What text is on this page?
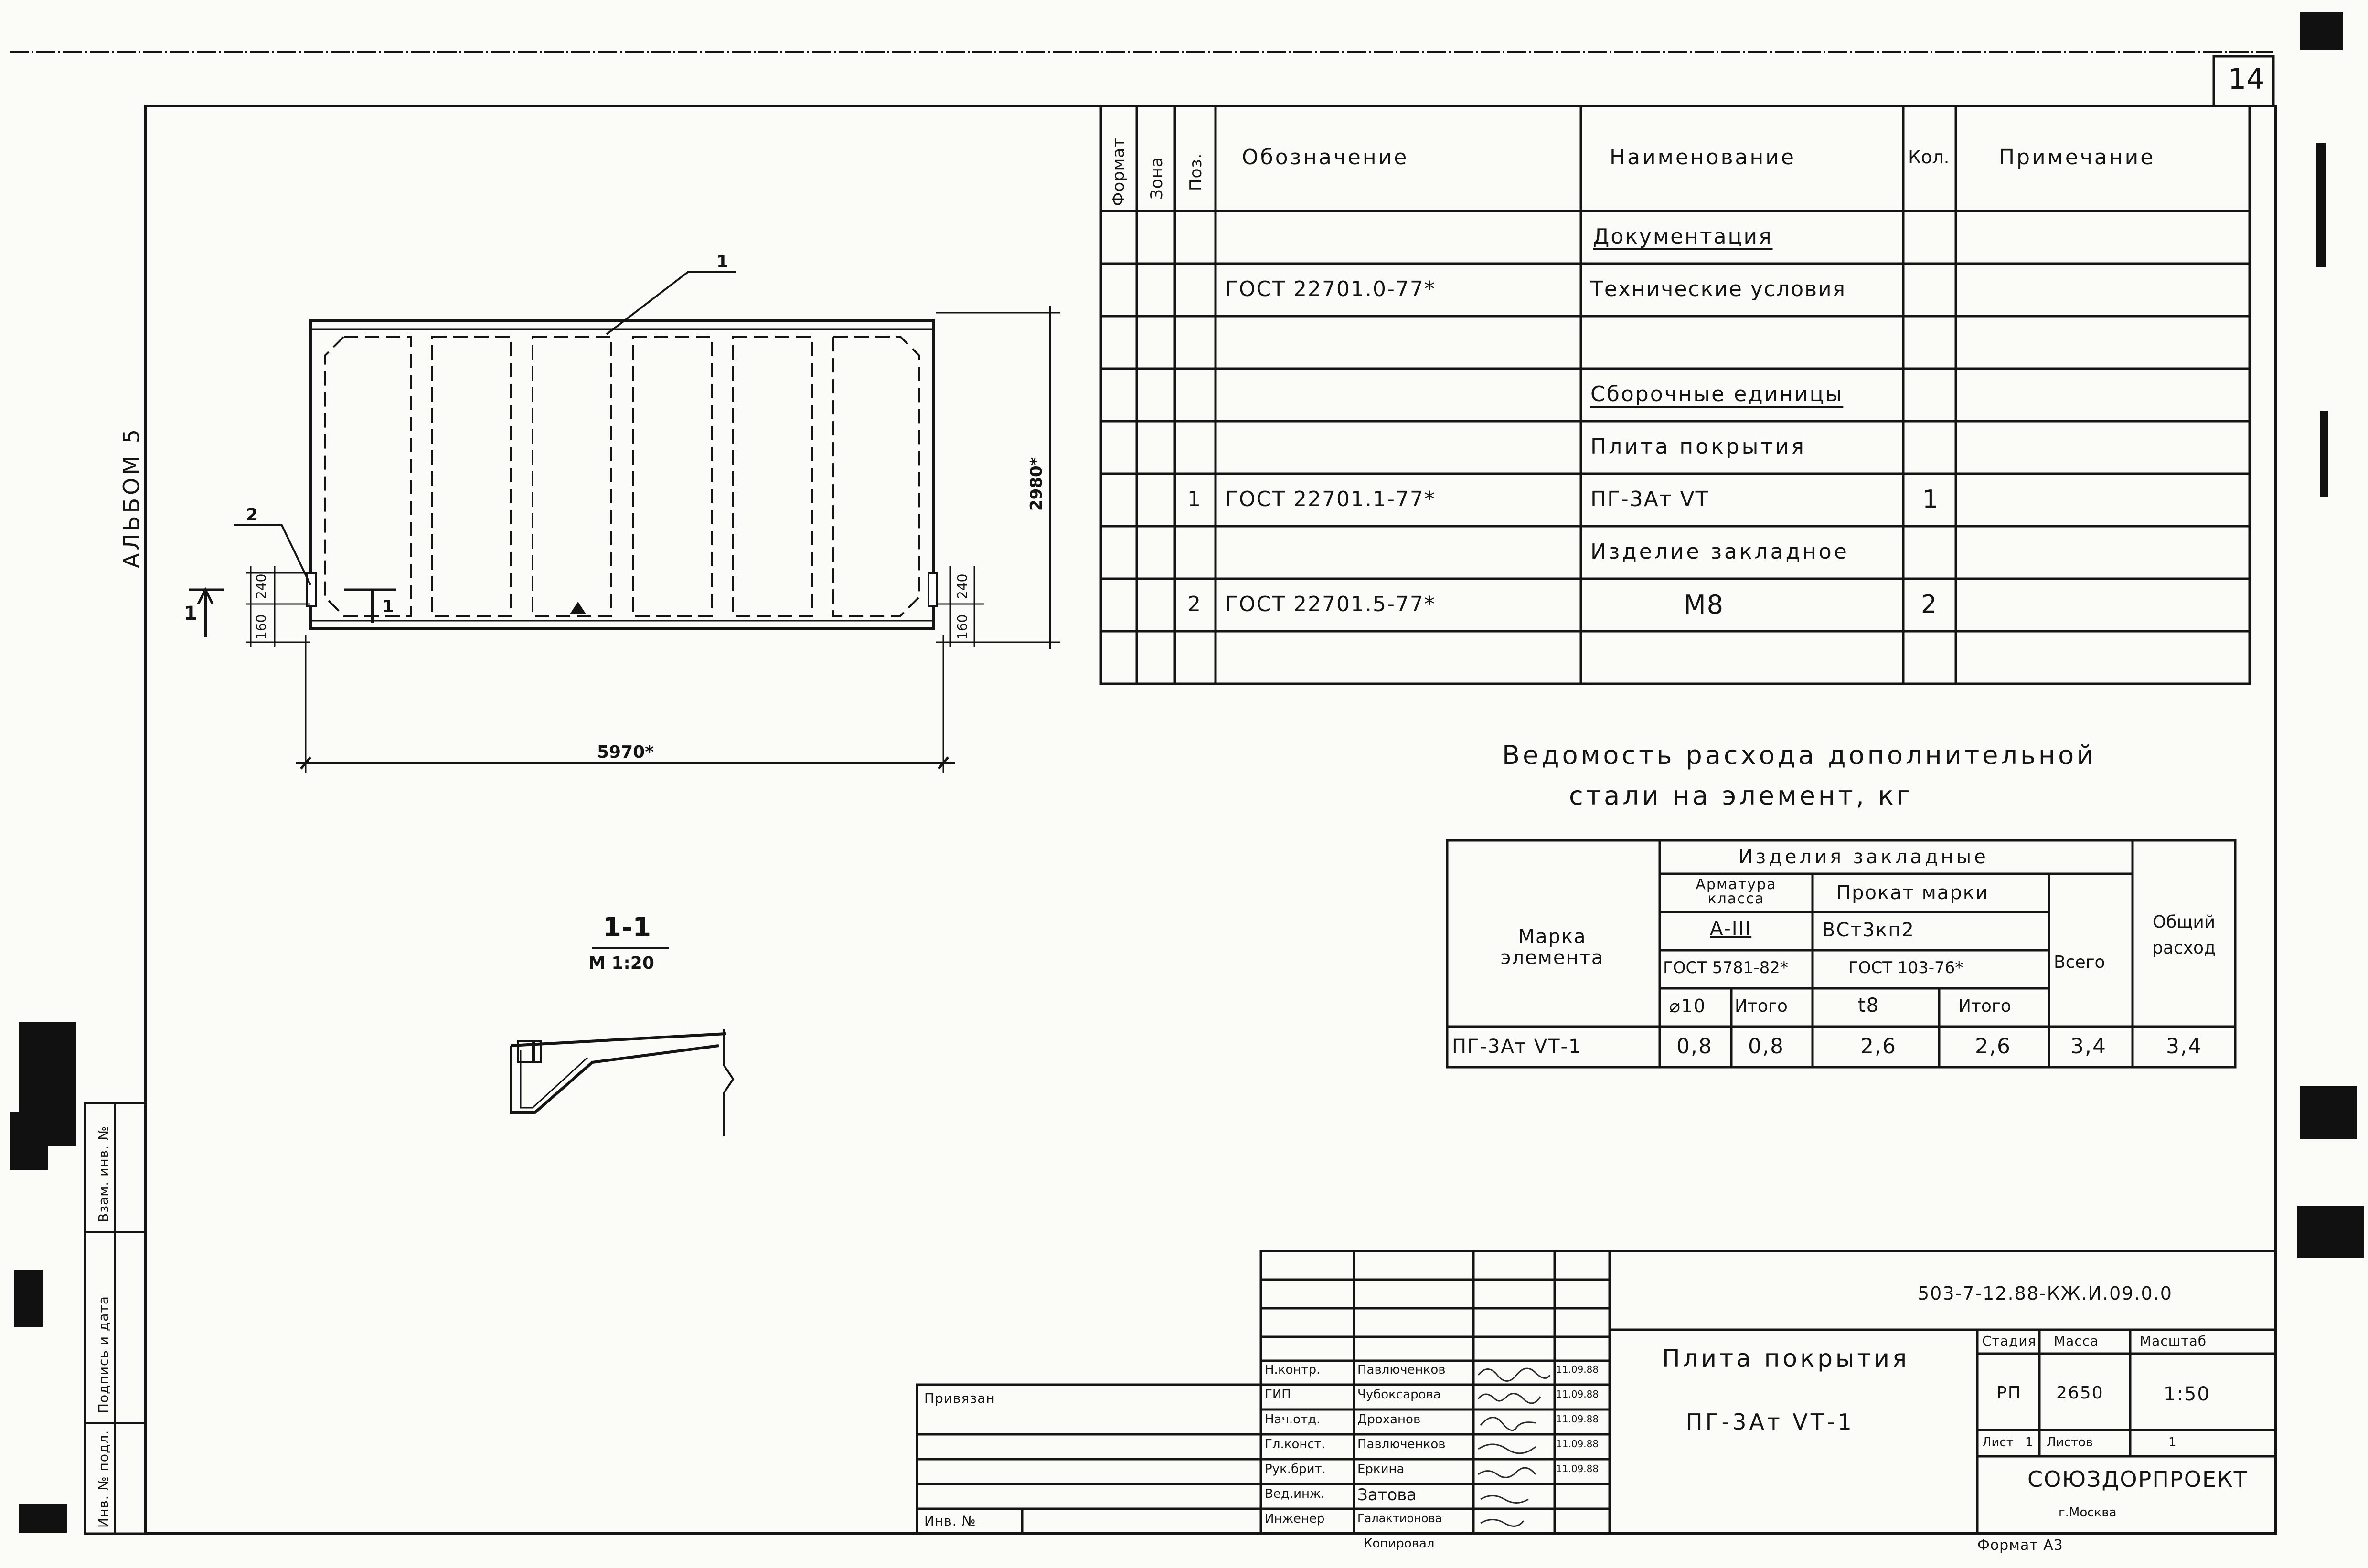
14
АЛЬБОМ 5
Формат А3
Инв. № подл.
Подпись и дата
Взам. инв. №
Формат Зона Поз. Обозначение	Наименование	Кол. Примечание
Документация
ГОСТ 22701.0-77*	Технические условия
Сборочные единицы
Плита покрытия
1 ГОСТ 22701.1-77*	ПГ-3Ат VТ	1
Изделие закладное
2 ГОСТ 22701.5-77*	М8	2
Ведомость расхода дополнительной
стали на элемент, кг
Марка элемента
Изделия закладные
Арматура класса
А-III
ГОСТ 5781-82*
Прокат марки
ВСт3кп2
ГОСТ 103-76*
⌀10 Итого	t8	Итого
Всего
Общий расход
ПГ-3Ат VТ-1	0,8 0,8	2,6	2,6	3,4	3,4
1
2
5970*
2980*
160
240
160
240
1	1
1-1
М 1:20
503-7-12.88-КЖ.И.09.0.0
Плита покрытия
ПГ-3Ат VТ-1
Стадия Масса	Масштаб
РП 2650	1:50
Лист 1 Листов	1
СОЮЗДОРПРОЕКТ
г.Москва
Привязан
Инв. №
Копировал
Н.контр.	Павлюченков	11.09.88
ГИП	Чубоксарова	11.09.88
Нач.отд.	Дроханов	11.09.88
Гл.конст.	Павлюченков	11.09.88
Рук.брит.	Еркина	11.09.88
Вед.инж. Затова
Инженер	Галактионова
